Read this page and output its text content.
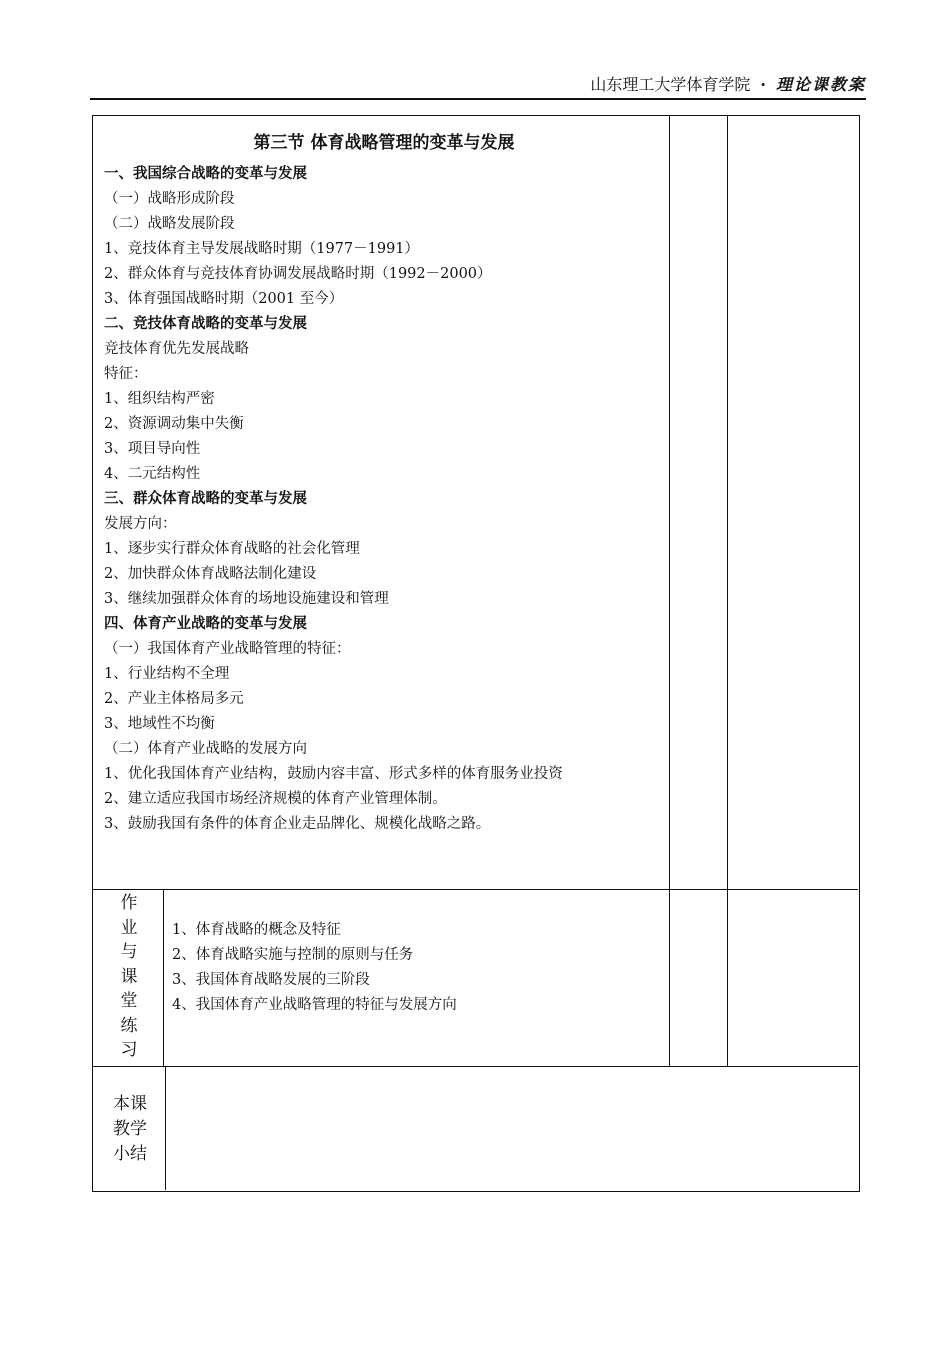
山东理工大学体育学院 · 理论课教案
第三节 体育战略管理的变革与发展
一、我国综合战略的变革与发展
（一）战略形成阶段
（二）战略发展阶段
1、竞技体育主导发展战略时期（1977－1991）
2、群众体育与竞技体育协调发展战略时期（1992－2000）
3、体育强国战略时期（2001 至今）
二、竞技体育战略的变革与发展
竞技体育优先发展战略
特征：
1、组织结构严密
2、资源调动集中失衡
3、项目导向性
4、二元结构性
三、群众体育战略的变革与发展
发展方向：
1、逐步实行群众体育战略的社会化管理
2、加快群众体育战略法制化建设
3、继续加强群众体育的场地设施建设和管理
四、体育产业战略的变革与发展
（一）我国体育产业战略管理的特征：
1、行业结构不全理
2、产业主体格局多元
3、地域性不均衡
（二）体育产业战略的发展方向
1、优化我国体育产业结构，鼓励内容丰富、形式多样的体育服务业投资
2、建立适应我国市场经济规模的体育产业管理体制。
3、鼓励我国有条件的体育企业走品牌化、规模化战略之路。
作
业
与
课
堂
练
习
1、体育战略的概念及特征
2、体育战略实施与控制的原则与任务
3、我国体育战略发展的三阶段
4、我国体育产业战略管理的特征与发展方向
本课
教学
小结
